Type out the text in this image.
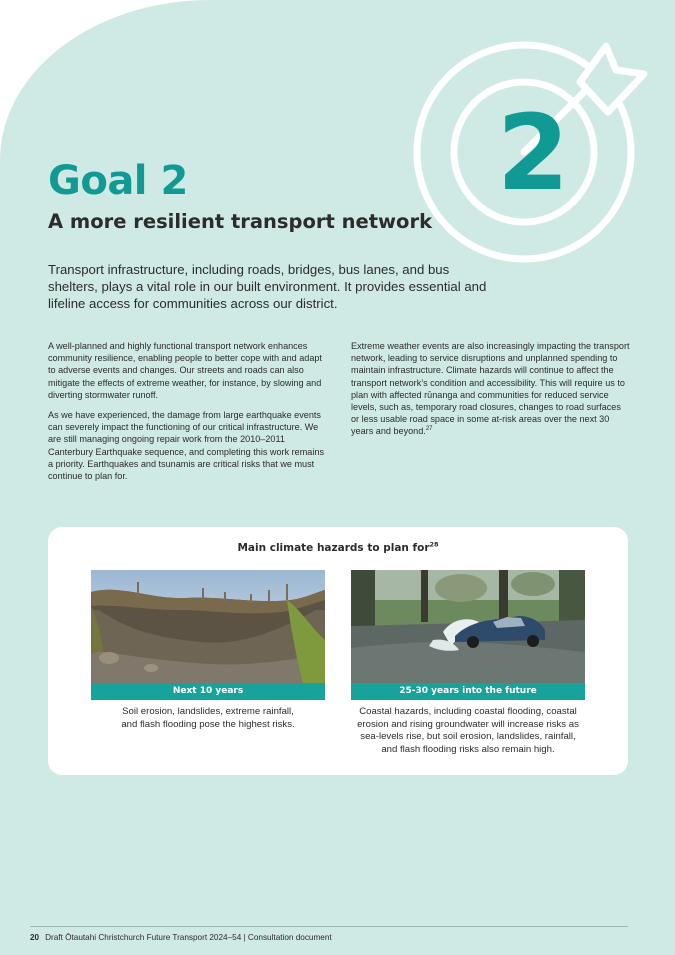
2
Goal 2
A more resilient transport network

Transport infrastructure, including roads, bridges, bus lanes, and bus shelters, plays a vital role in our built environment. It provides essential and lifeline access for communities across our district.

A well-planned and highly functional transport network enhances community resilience, enabling people to better cope with and adapt to adverse events and changes. Our streets and roads can also mitigate the effects of extreme weather, for instance, by slowing and diverting stormwater runoff.

As we have experienced, the damage from large earthquake events can severely impact the functioning of our critical infrastructure. We are still managing ongoing repair work from the 2010–2011 Canterbury Earthquake sequence, and completing this work remains a priority. Earthquakes and tsunamis are critical risks that we must continue to plan for.

Extreme weather events are also increasingly impacting the transport network, leading to service disruptions and unplanned spending to maintain infrastructure. Climate hazards will continue to affect the transport network’s condition and accessibility. This will require us to plan with affected rūnanga and communities for reduced service levels, such as, temporary road closures, changes to road surfaces or less usable road space in some at-risk areas over the next 30 years and beyond.$^{27}$

Main climate hazards to plan for$^{28}$
Next 10 years

Soil erosion, landslides, extreme rainfall, and flash flooding pose the highest risks.

25-30 years into the future

Coastal hazards, including coastal flooding, coastal erosion and rising groundwater will increase risks as sea-levels rise, but soil erosion, landslides, rainfall, and flash flooding risks also remain high.

20 Draft Ōtautahi Christchurch Future Transport 2024–54 | Consultation document
